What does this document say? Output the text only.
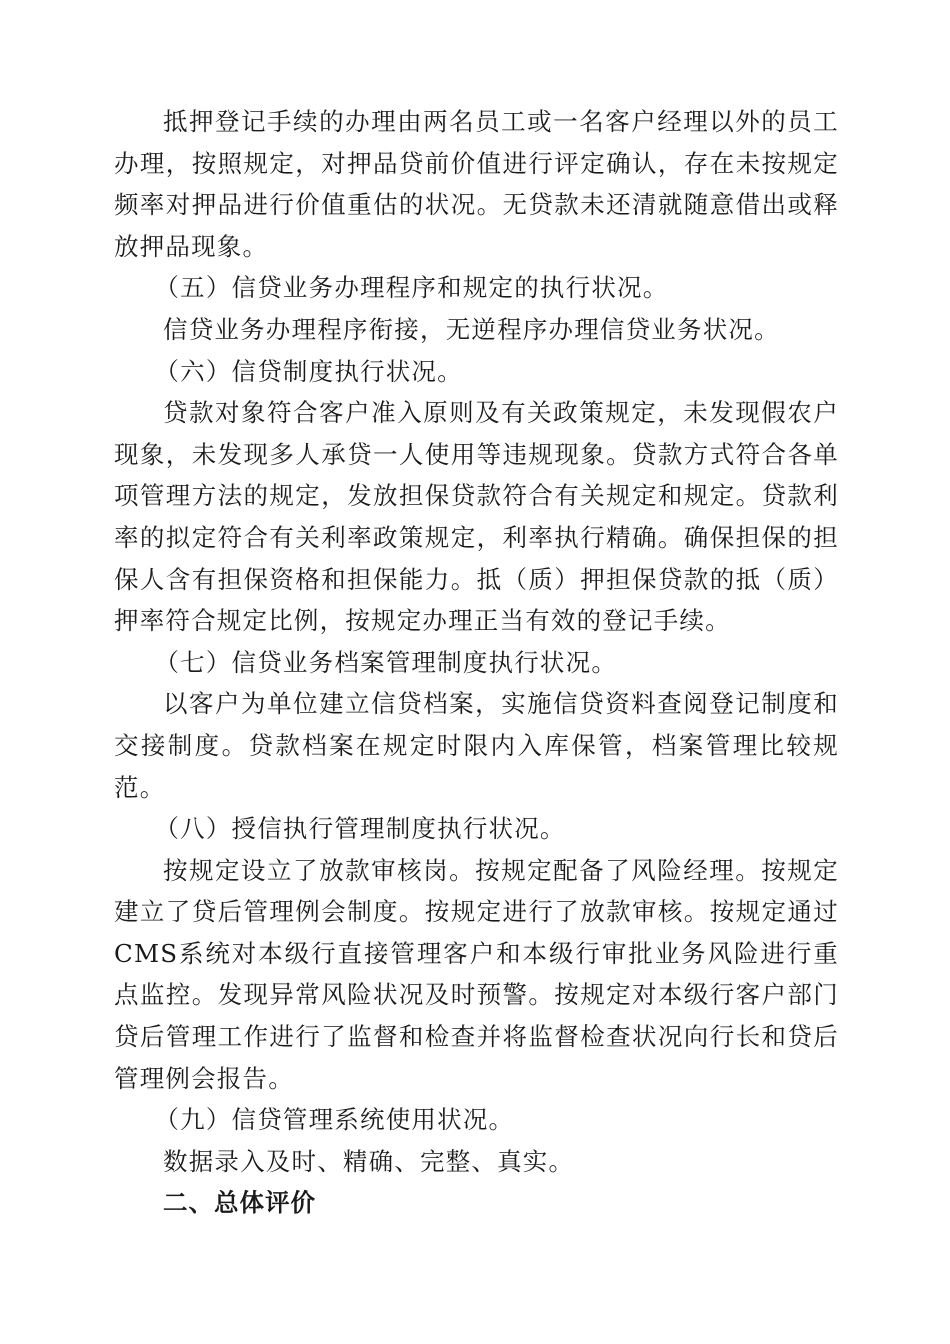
抵押登记手续的办理由两名员工或一名客户经理以外的员工办理，按照规定，对押品贷前价值进行评定确认，存在未按规定频率对押品进行价值重估的状况。无贷款未还清就随意借出或释放押品现象。

（五）信贷业务办理程序和规定的执行状况。

信贷业务办理程序衔接，无逆程序办理信贷业务状况。

（六）信贷制度执行状况。

贷款对象符合客户准入原则及有关政策规定，未发现假农户现象，未发现多人承贷一人使用等违规现象。贷款方式符合各单项管理方法的规定，发放担保贷款符合有关规定和规定。贷款利率的拟定符合有关利率政策规定，利率执行精确。确保担保的担保人含有担保资格和担保能力。抵（质）押担保贷款的抵（质）押率符合规定比例，按规定办理正当有效的登记手续。

（七）信贷业务档案管理制度执行状况。

以客户为单位建立信贷档案，实施信贷资料查阅登记制度和交接制度。贷款档案在规定时限内入库保管，档案管理比较规范。

（八）授信执行管理制度执行状况。

按规定设立了放款审核岗。按规定配备了风险经理。按规定建立了贷后管理例会制度。按规定进行了放款审核。按规定通过CMS系统对本级行直接管理客户和本级行审批业务风险进行重点监控。发现异常风险状况及时预警。按规定对本级行客户部门贷后管理工作进行了监督和检查并将监督检查状况向行长和贷后管理例会报告。

（九）信贷管理系统使用状况。

数据录入及时、精确、完整、真实。

二、总体评价
